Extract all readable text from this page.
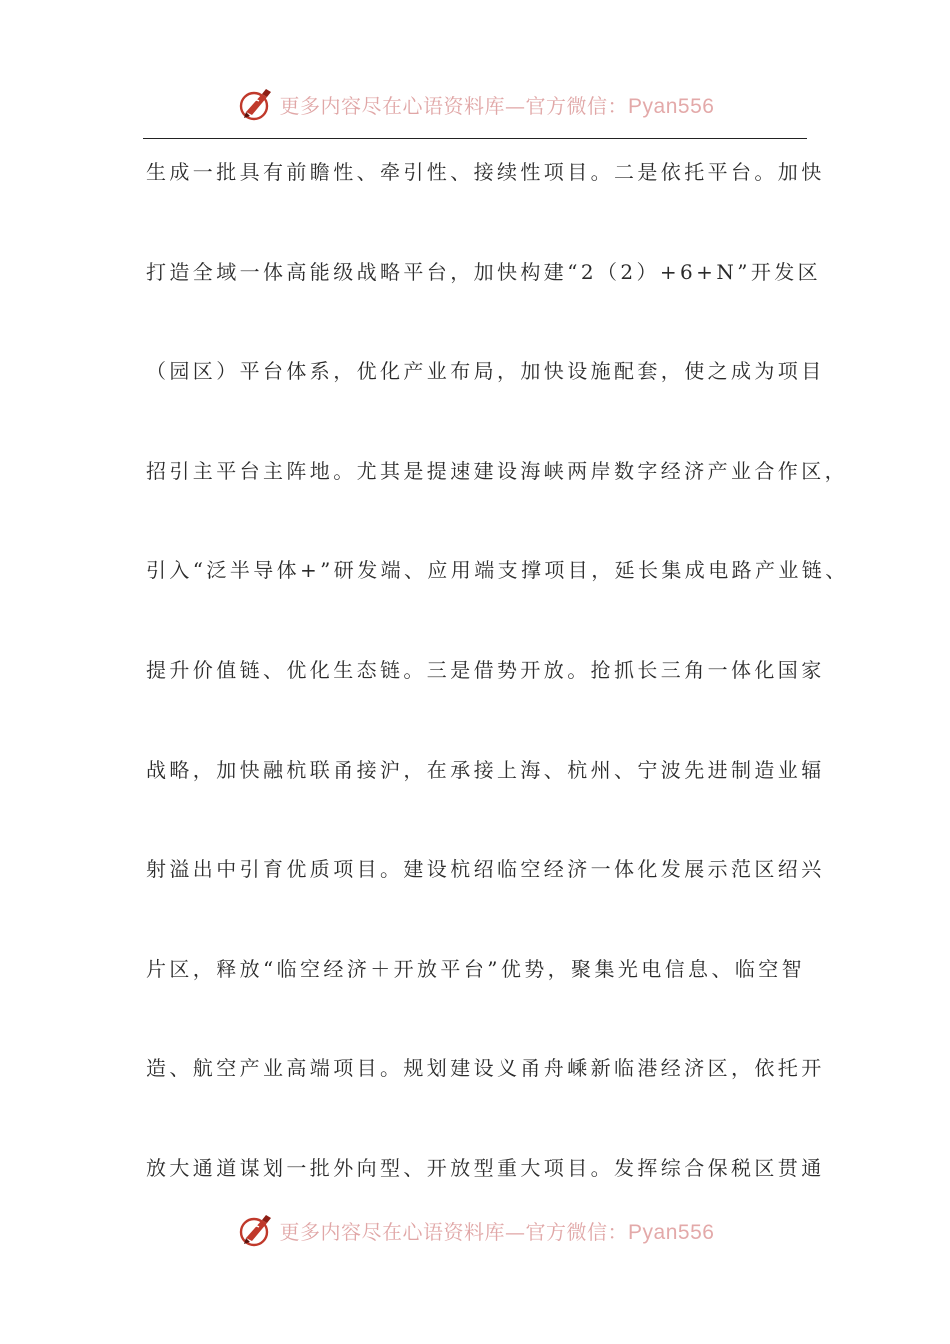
更多内容尽在心语资料库—官方微信：Pyan556
生成一批具有前瞻性、牵引性、接续性项目。二是依托平台。加快
打造全域一体高能级战略平台，加快构建“2（2）+6+N”开发区
（园区）平台体系，优化产业布局，加快设施配套，使之成为项目
招引主平台主阵地。尤其是提速建设海峡两岸数字经济产业合作区，
引入“泛半导体+”研发端、应用端支撑项目，延长集成电路产业链、
提升价值链、优化生态链。三是借势开放。抢抓长三角一体化国家
战略，加快融杭联甬接沪，在承接上海、杭州、宁波先进制造业辐
射溢出中引育优质项目。建设杭绍临空经济一体化发展示范区绍兴
片区，释放“临空经济＋开放平台”优势，聚集光电信息、临空智
造、航空产业高端项目。规划建设义甬舟嵊新临港经济区，依托开
放大通道谋划一批外向型、开放型重大项目。发挥综合保税区贯通
更多内容尽在心语资料库—官方微信：Pyan556
